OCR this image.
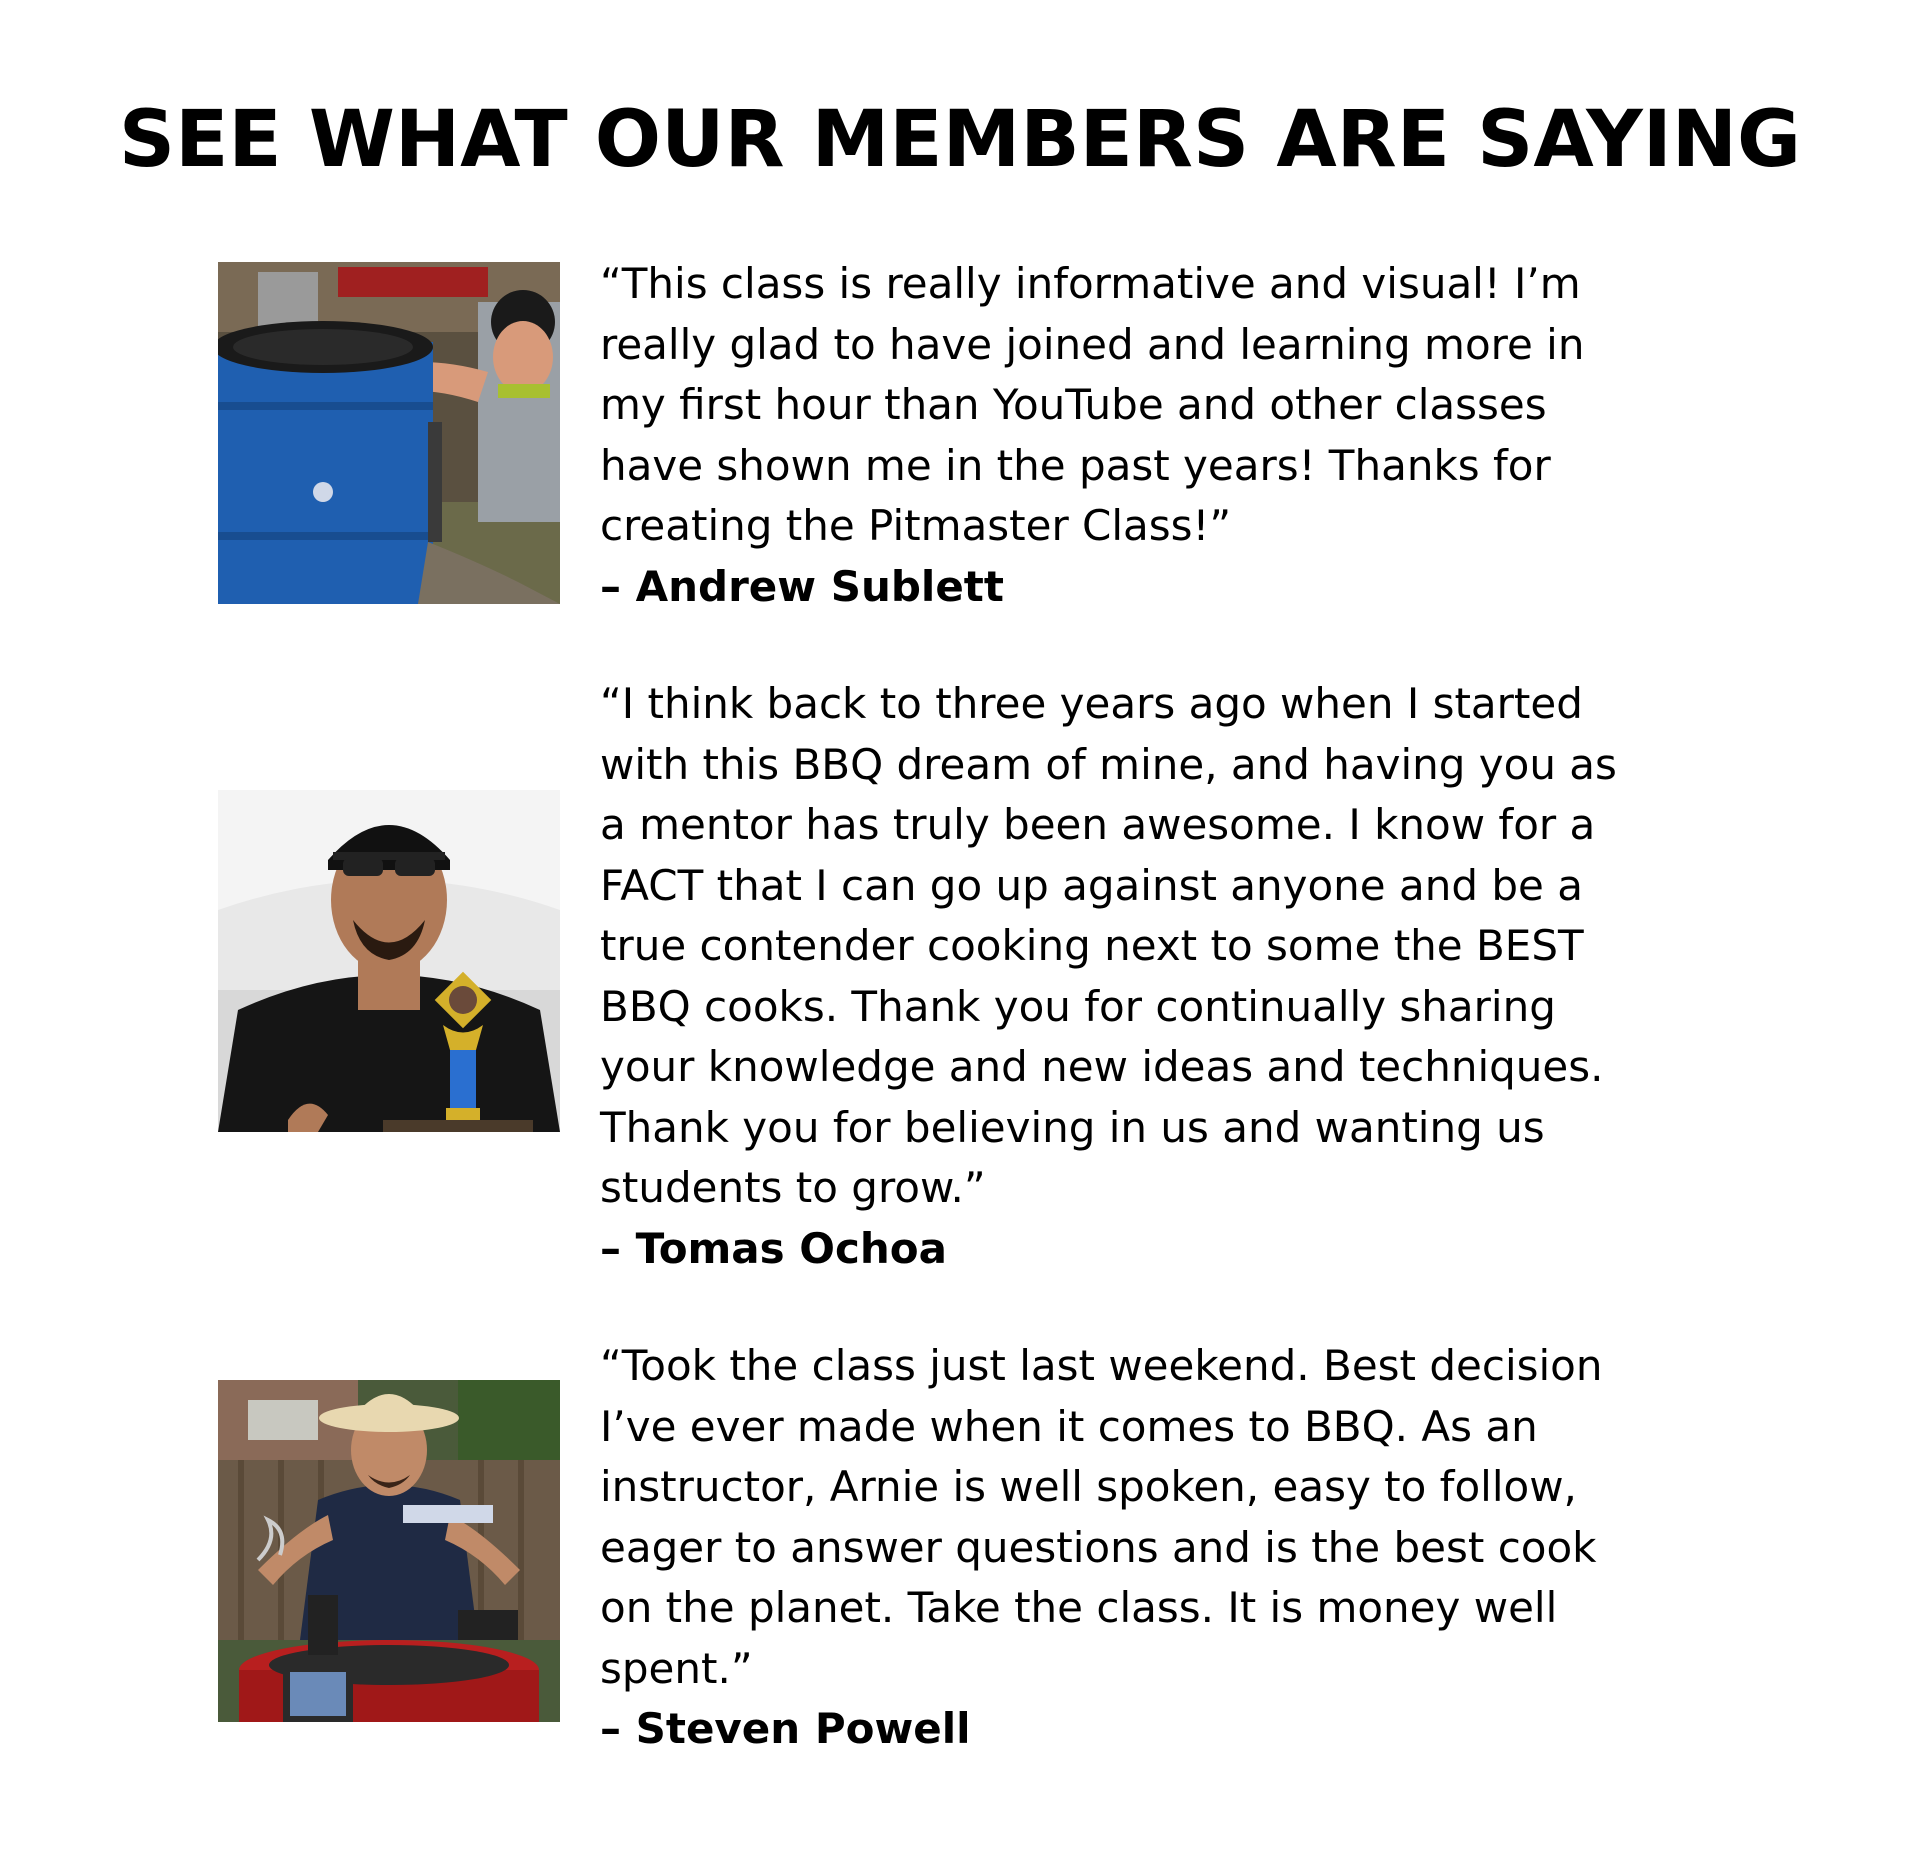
SEE WHAT OUR MEMBERS ARE SAYING
“This class is really informative and visual! I’m
really glad to have joined and learning more in
my first hour than YouTube and other classes
have shown me in the past years! Thanks for
creating the Pitmaster Class!”
– Andrew Sublett
“I think back to three years ago when I started
with this BBQ dream of mine, and having you as
a mentor has truly been awesome. I know for a
FACT that I can go up against anyone and be a
true contender cooking next to some the BEST
BBQ cooks. Thank you for continually sharing
your knowledge and new ideas and techniques.
Thank you for believing in us and wanting us
students to grow.”
– Tomas Ochoa
“Took the class just last weekend. Best decision
I’ve ever made when it comes to BBQ. As an
instructor, Arnie is well spoken, easy to follow,
eager to answer questions and is the best cook
on the planet. Take the class. It is money well
spent.”
– Steven Powell
